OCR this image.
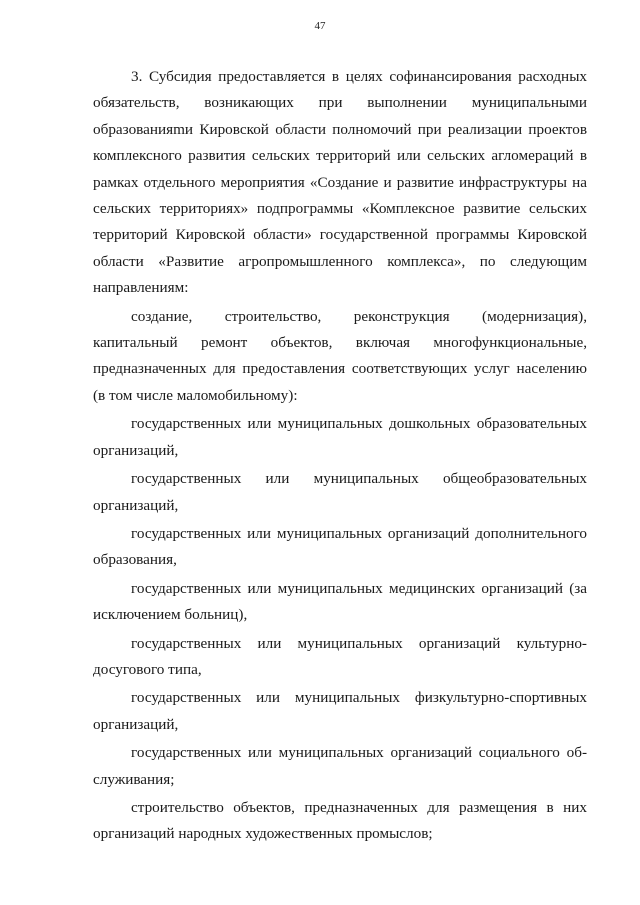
47

3. Субсидия предоставляется в целях софинансирования расходных обязательств, возникающих при выполнении муниципальными образованияmи Кировской области полномочий при реализации проектов комплексного развития сельских территорий или сельских агломераций в рамках отдельного мероприятия «Создание и развитие инфраструктуры на сельских территориях» подпрограммы «Комплексное развитие сельских территорий Кировской области» государственной программы Кировской области «Развитие агропромышленного комплекса», по следующим направлениям:

создание, строительство, реконструкция (модернизация), капитальный ремонт объектов, включая многофункциональные, предназначенных для предоставления соответствующих услуг населению (в том числе маломобильному):

государственных или муниципальных дошкольных образовательных организаций,

государственных или муниципальных общеобразовательных организаций,

государственных или муниципальных организаций дополнительного образования,

государственных или муниципальных медицинских организаций (за исключением больниц),

государственных или муниципальных организаций культурно-досугового типа,

государственных или муниципальных физкультурно-спортивных организаций,

государственных или муниципальных организаций социального обслуживания;

строительство объектов, предназначенных для размещения в них организаций народных художественных промыслов;
